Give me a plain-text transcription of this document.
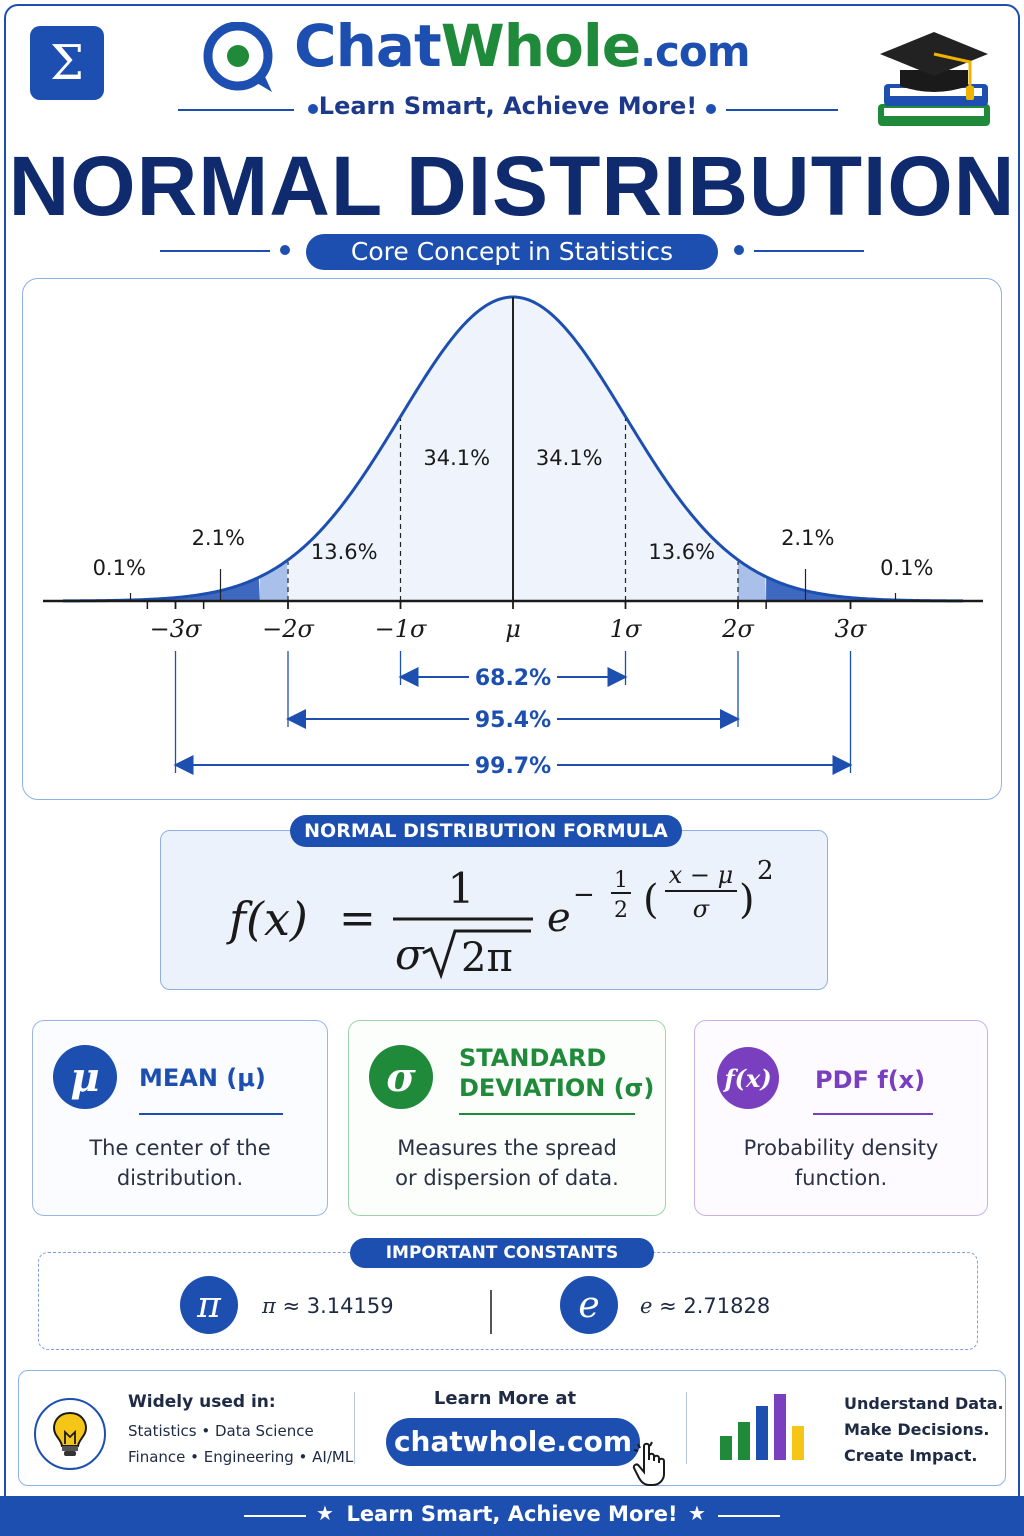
Σ	ChatWhole.com
Learn Smart, Achieve More!
NORMAL DISTRIBUTION
Core Concept in Statistics
−3σ	−2σ	−1σ	μ	1σ	2σ	3σ
0.1%
2.1%
13.6%
34.1% 34.1%
13.6%
2.1%
0.1%
68.2%
95.4%
99.7%
f(x) =
1
σ 2π
e − 1
2 (
x − μ
σ )
2
NORMAL DISTRIBUTION FORMULA
μ MEAN (μ)
The center of the
distribution.
σ STANDARD
DEVIATION (σ)
Measures the spread
or dispersion of data.
f(x) PDF f(x)
Probability density
function.
IMPORTANT CONSTANTS
π π ≈ 3.14159	e e ≈ 2.71828
Widely used in:
Statistics • Data Science
Finance • Engineering • AI/ML
Learn More at
chatwhole.com
Understand Data.
Make Decisions.
Create Impact.
★ Learn Smart, Achieve More! ★
